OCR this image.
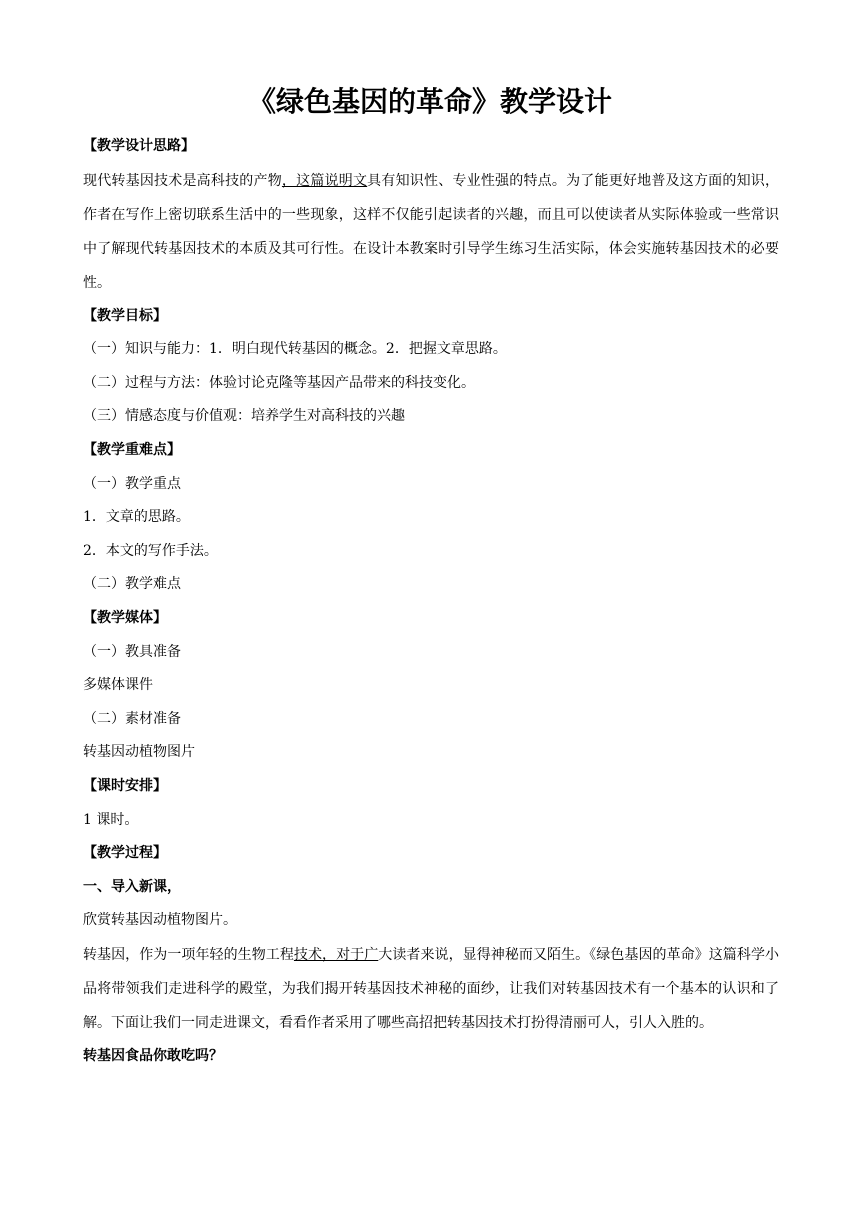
《绿色基因的革命》教学设计

【教学设计思路】

现代转基因技术是高科技的产物，这篇说明文具有知识性、专业性强的特点。为了能更好地普及这方面的知识，作者在写作上密切联系生活中的一些现象，这样不仅能引起读者的兴趣，而且可以使读者从实际体验或一些常识中了解现代转基因技术的本质及其可行性。在设计本教案时引导学生练习生活实际，体会实施转基因技术的必要性。

【教学目标】

（一）知识与能力：1．明白现代转基因的概念。2．把握文章思路。

（二）过程与方法：体验讨论克隆等基因产品带来的科技变化。

（三）情感态度与价值观：培养学生对高科技的兴趣

【教学重难点】

（一）教学重点

1．文章的思路。

2．本文的写作手法。

（二）教学难点

【教学媒体】

（一）教具准备

多媒体课件

（二）素材准备

转基因动植物图片

【课时安排】

1 课时。

【教学过程】

一、导入新课，

欣赏转基因动植物图片。

转基因，作为一项年轻的生物工程技术，对于广大读者来说，显得神秘而又陌生。《绿色基因的革命》这篇科学小品将带领我们走进科学的殿堂，为我们揭开转基因技术神秘的面纱，让我们对转基因技术有一个基本的认识和了解。下面让我们一同走进课文，看看作者采用了哪些高招把转基因技术打扮得清丽可人，引人入胜的。

转基因食品你敢吃吗？
